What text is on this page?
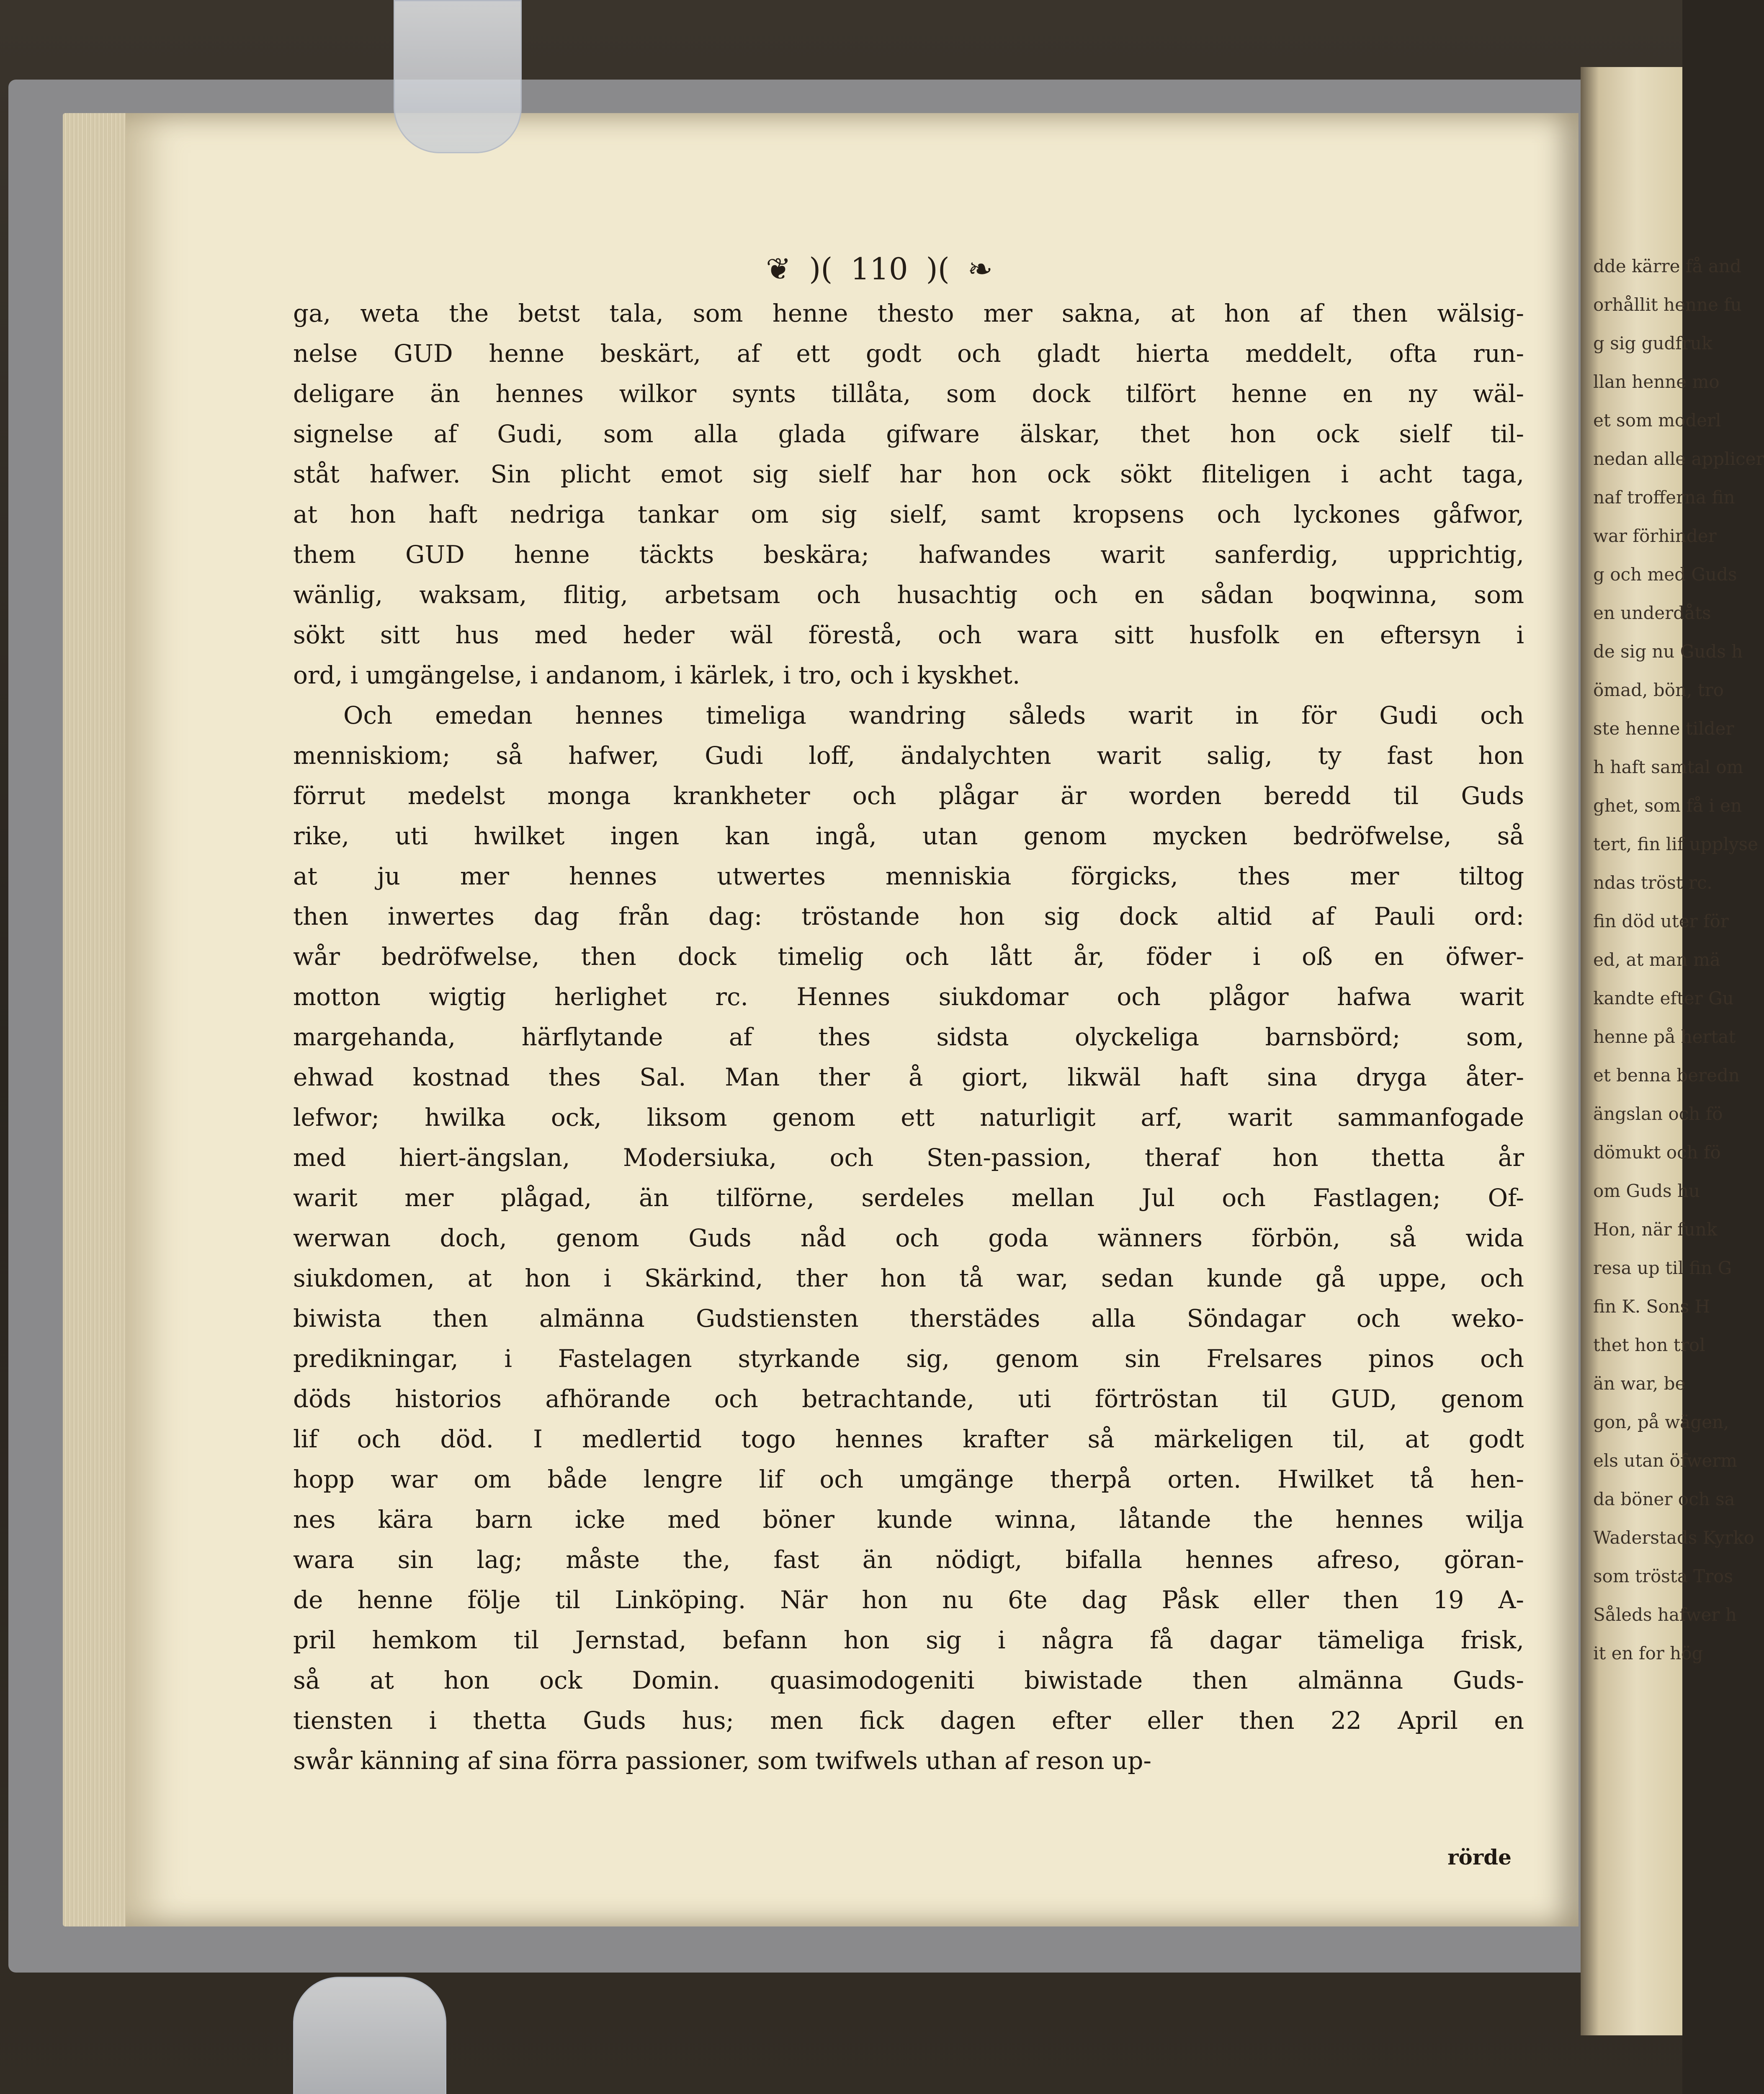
dde kärre få and
orhållit henne fu
g sig gudfruk
llan henne mo
et som moderl
nedan alle applicer
naf trofferna fin
war förhinder
g och med Guds
en underdåts
de sig nu Guds h
ömad, bön, tro
ste henne tilder
h haft samtal om
ghet, som få i en
tert, fin lif upplyse
ndas tröst rc.
fin död uter för
ed, at man mä
kandte efter Gu
henne på hertat
et benna beredn
ängslan och fö
dömukt och fö
om Guds hu
Hon, när funk
resa up til fin G
fin K. Sons H
thet hon trol
än war, be
gon, på wägen,
els utan öfwerm
da böner och sa
Waderstads Kyrko
som trösta Tros
Såleds hafwer h
it en for hög
❦ )( 110 )( ❧
ga, weta the betst tala, som henne thesto mer sakna, at hon af then wälsig-
nelse GUD henne beskärt, af ett godt och gladt hierta meddelt, ofta run-
deligare än hennes wilkor synts tillåta, som dock tilfört henne en ny wäl-
signelse af Gudi, som alla glada gifware älskar, thet hon ock sielf til-
ståt hafwer. Sin plicht emot sig sielf har hon ock sökt fliteligen i acht taga,
at hon haft nedriga tankar om sig sielf, samt kropsens och lyckones gåfwor,
them GUD henne täckts beskära; hafwandes warit sanferdig, upprichtig,
wänlig, waksam, flitig, arbetsam och husachtig och en sådan boqwinna, som
sökt sitt hus med heder wäl förestå, och wara sitt husfolk en eftersyn i
ord, i umgängelse, i andanom, i kärlek, i tro, och i kyskhet.
Och emedan hennes timeliga wandring såleds warit in för Gudi och
menniskiom; så hafwer, Gudi loff, ändalychten warit salig, ty fast hon
förrut medelst monga krankheter och plågar är worden beredd til Guds
rike, uti hwilket ingen kan ingå, utan genom mycken bedröfwelse, så
at ju mer hennes utwertes menniskia förgicks, thes mer tiltog
then inwertes dag från dag: tröstande hon sig dock altid af Pauli ord:
wår bedröfwelse, then dock timelig och lått år, föder i oß en öfwer-
motton wigtig herlighet rc. Hennes siukdomar och plågor hafwa warit
margehanda, härflytande af thes sidsta olyckeliga barnsbörd; som,
ehwad kostnad thes Sal. Man ther å giort, likwäl haft sina dryga åter-
lefwor; hwilka ock, liksom genom ett naturligit arf, warit sammanfogade
med hiert-ängslan, Modersiuka, och Sten-passion, theraf hon thetta år
warit mer plågad, än tilförne, serdeles mellan Jul och Fastlagen; Of-
werwan doch, genom Guds nåd och goda wänners förbön, så wida
siukdomen, at hon i Skärkind, ther hon tå war, sedan kunde gå uppe, och
biwista then almänna Gudstiensten therstädes alla Söndagar och weko-
predikningar, i Fastelagen styrkande sig, genom sin Frelsares pinos och
döds historios afhörande och betrachtande, uti förtröstan til GUD, genom
lif och död. I medlertid togo hennes krafter så märkeligen til, at godt
hopp war om både lengre lif och umgänge therpå orten. Hwilket tå hen-
nes kära barn icke med böner kunde winna, låtande the hennes wilja
wara sin lag; måste the, fast än nödigt, bifalla hennes afreso, göran-
de henne följe til Linköping. När hon nu 6te dag Påsk eller then 19 A-
pril hemkom til Jernstad, befann hon sig i några få dagar tämeliga frisk,
så at hon ock Domin. quasimodogeniti biwistade then almänna Guds-
tiensten i thetta Guds hus; men fick dagen efter eller then 22 April en
swår känning af sina förra passioner, som twifwels uthan af reson up-
rörde
